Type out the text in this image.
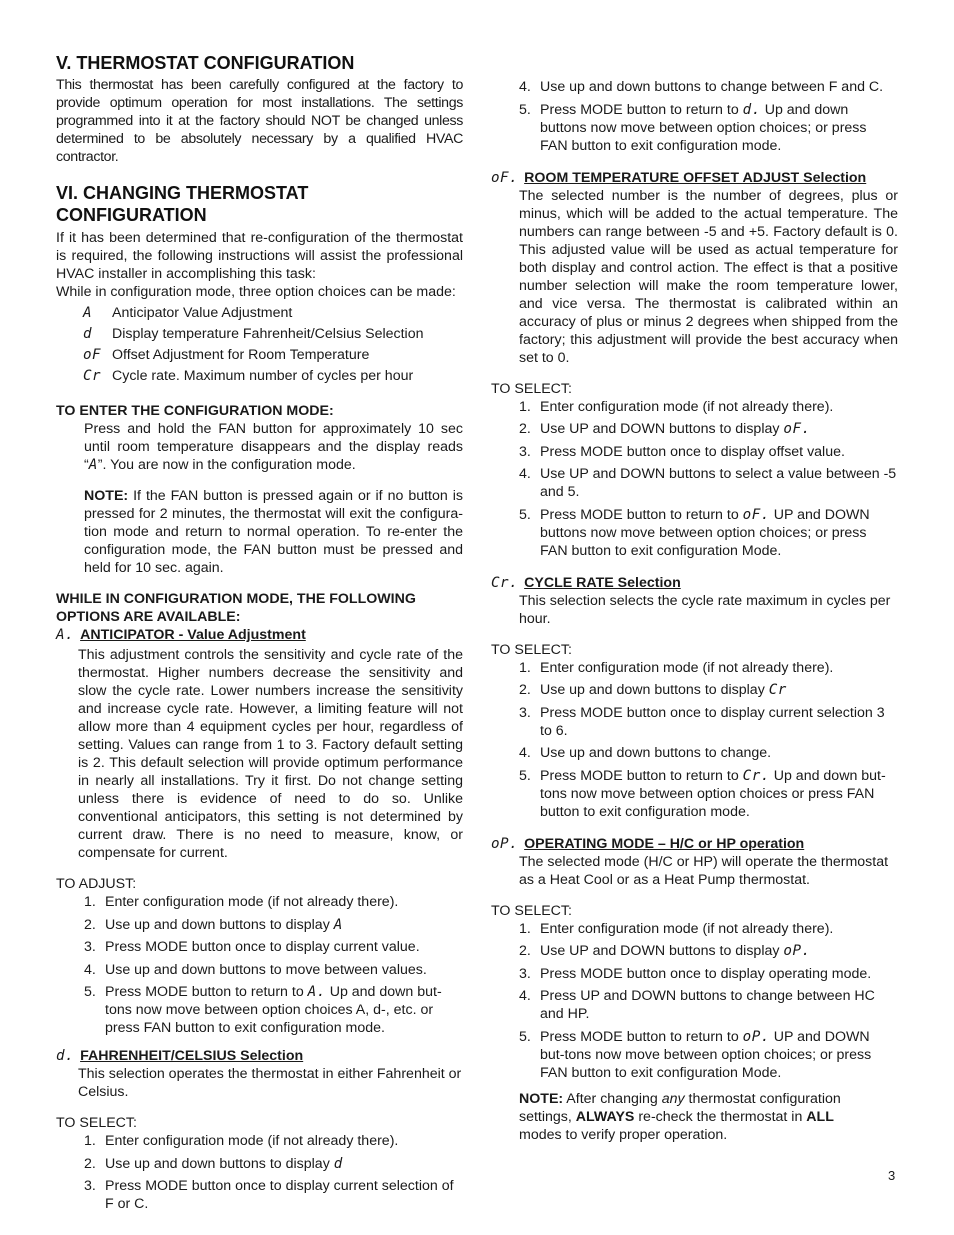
V. THERMOSTAT CONFIGURATION

This thermostat has been carefully configured at the factory to provide optimum operation for most installations. The settings programmed into it at the factory should NOT be changed unless determined to be absolutely necessary by a qualified HVAC contractor.

VI. CHANGING THERMOSTAT CONFIGURATION

If it has been determined that re-configuration of the thermostat is required, the following instructions will assist the professional HVAC installer in accomplishing this task:

While in configuration mode, three option choices can be made:

A	Anticipator Value Adjustment
d	Display temperature Fahrenheit/Celsius Selection
oF Offset Adjustment for Room Temperature
Cr Cycle rate. Maximum number of cycles per hour

TO ENTER THE CONFIGURATION MODE:

Press and hold the FAN button for approximately 10 sec until room temperature disappears and the display reads “A”. You are now in the configuration mode.

NOTE: If the FAN button is pressed again or if no button is pressed for 2 minutes, the thermostat will exit the configura-tion mode and return to normal operation. To re-enter the configuration mode, the FAN button must be pressed and held for 10 sec. again.

WHILE IN CONFIGURATION MODE, THE FOLLOWING OPTIONS ARE AVAILABLE:

A. ANTICIPATOR - Value Adjustment

This adjustment controls the sensitivity and cycle rate of the thermostat. Higher numbers decrease the sensitivity and slow the cycle rate. Lower numbers increase the sensitivity and increase cycle rate. However, a limiting feature will not allow more than 4 equipment cycles per hour, regardless of setting. Values can range from 1 to 3. Factory default setting is 2. This default selection will provide optimum performance in nearly all installations. Try it first. Do not change setting unless there is evidence of need to do so. Unlike conventional anticipators, this setting is not determined by current draw. There is no need to measure, know, or compensate for current.

TO ADJUST:

1. Enter configuration mode (if not already there).
2. Use up and down buttons to display A
3. Press MODE button once to display current value.
4. Use up and down buttons to move between values.
5. Press MODE button to return to A. Up and down but-tons now move between option choices A, d-, etc. or press FAN button to exit configuration mode.
d. FAHRENHEIT/CELSIUS Selection

This selection operates the thermostat in either Fahrenheit or Celsius.

TO SELECT:

1. Enter configuration mode (if not already there).
2. Use up and down buttons to display d
3. Press MODE button once to display current selection of F or C.
4. Use up and down buttons to change between F and C.
5. Press MODE button to return to d. Up and down buttons now move between option choices; or press FAN button to exit configuration mode.
oF. ROOM TEMPERATURE OFFSET ADJUST Selection

The selected number is the number of degrees, plus or minus, which will be added to the actual temperature. The numbers can range between -5 and +5. Factory default is 0. This adjusted value will be used as actual temperature for both display and control action. The effect is that a positive number selection will make the room temperature lower, and vice versa. The thermostat is calibrated within an accuracy of plus or minus 2 degrees when shipped from the factory; this adjustment will provide the best accuracy when set to 0.

TO SELECT:

1. Enter configuration mode (if not already there).
2. Use UP and DOWN buttons to display oF.
3. Press MODE button once to display offset value.
4. Use UP and DOWN buttons to select a value between -5 and 5.
5. Press MODE button to return to oF. UP and DOWN buttons now move between option choices; or press FAN button to exit configuration Mode.
Cr. CYCLE RATE Selection

This selection selects the cycle rate maximum in cycles per hour.

TO SELECT:

1. Enter configuration mode (if not already there).
2. Use up and down buttons to display Cr
3. Press MODE button once to display current selection 3 to 6.
4. Use up and down buttons to change.
5. Press MODE button to return to Cr. Up and down but-tons now move between option choices or press FAN button to exit configuration mode.
oP. OPERATING MODE – H/C or HP operation

The selected mode (H/C or HP) will operate the thermostat as a Heat Cool or as a Heat Pump thermostat.

TO SELECT:

1. Enter configuration mode (if not already there).
2. Use UP and DOWN buttons to display oP.
3. Press MODE button once to display operating mode.
4. Press UP and DOWN buttons to change between HC and HP.
5. Press MODE button to return to oP. UP and DOWN but-tons now move between option choices; or press FAN button to exit configuration Mode.

NOTE: After changing any thermostat configuration settings, ALWAYS re-check the thermostat in ALL modes to verify proper operation.

3
